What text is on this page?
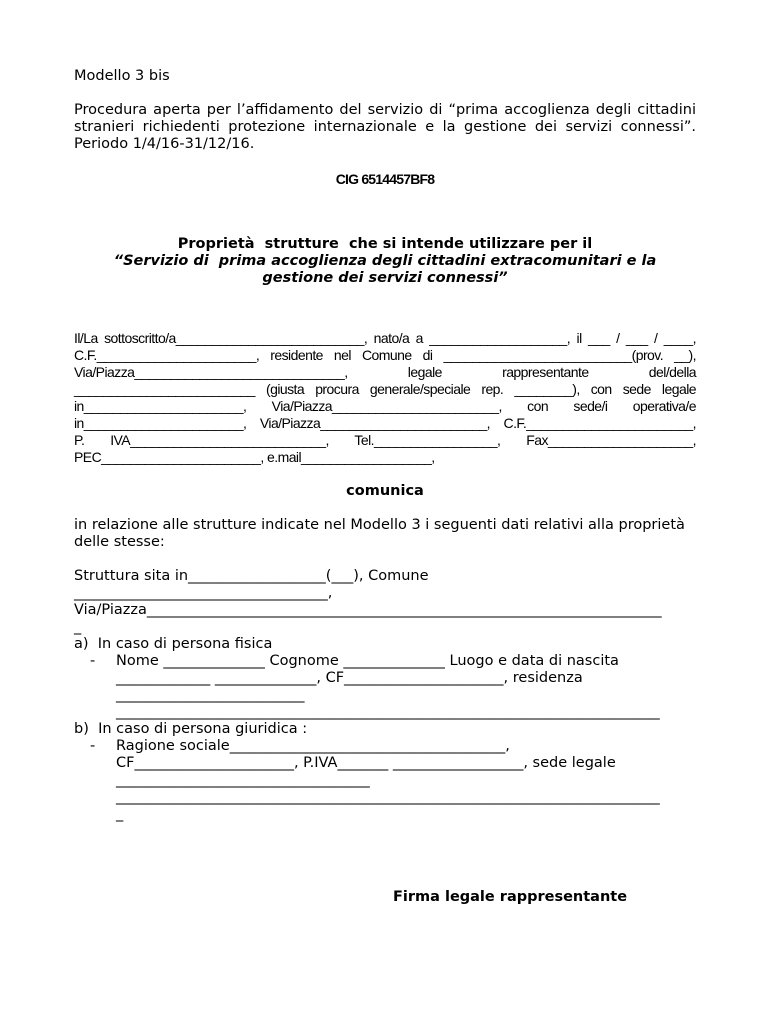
Modello 3 bis
Procedura aperta per l’affidamento del servizio di “prima accoglienza degli cittadini stranieri richiedenti protezione internazionale e la gestione dei servizi connessi”. Periodo 1/4/16-31/12/16.
CIG 6514457BF8
Proprietà  strutture  che si intende utilizzare per il
“Servizio di  prima accoglienza degli cittadini extracomunitari e la
gestione dei servizi connessi”
Il/La sottoscritto/a__________________________, nato/a a ___________________, il ___ / ___ / ____,
C.F.______________________, residente nel Comune di __________________________(prov. __),
Via/Piazza_____________________________, legale rappresentante del/della
_________________________ (giusta procura generale/speciale rep. ________), con sede legale
in______________________, Via/Piazza_______________________, con sede/i operativa/e
in______________________, Via/Piazza_______________________, C.F._______________________,
P. IVA___________________________, Tel._________________, Fax____________________,
PEC______________________, e.mail__________________,
comunica
in relazione alle strutture indicate nel Modello 3 i seguenti dati relativi alla proprietà delle stesse:
Struttura sita in___________________(___), Comune
___________________________________,
Via/Piazza_______________________________________________________________________
_
a)  In caso di persona fisica
- Nome ______________ Cognome ______________ Luogo e data di nascita
_____________ ______________, CF______________________, residenza
__________________________
___________________________________________________________________________
b)  In caso di persona giuridica :
- Ragione sociale______________________________________,
CF______________________, P.IVA_______ __________________, sede legale
___________________________________
___________________________________________________________________________
_
Firma legale rappresentante
